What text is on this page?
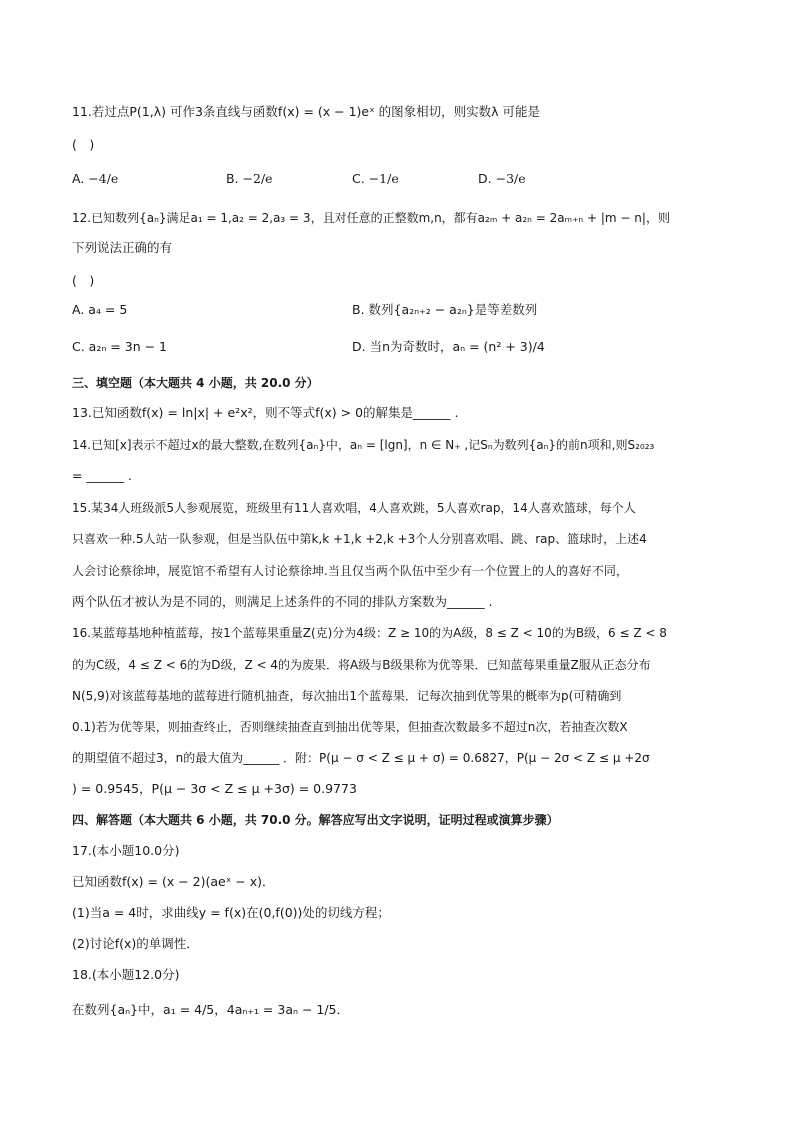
11.若过点P(1,λ) 可作3条直线与函数f(x) = (x − 1)eˣ 的图象相切，则实数λ 可能是
(　)
A. −4/e	B. −2/e	C. −1/e	D. −3/e
12.已知数列{aₙ}满足a₁ = 1,a₂ = 2,a₃ = 3，且对任意的正整数m,n，都有a₂ₘ + a₂ₙ = 2aₘ₊ₙ + |m − n|，则
下列说法正确的有
(　)
A. a₄ = 5	B. 数列{a₂ₙ₊₂ − a₂ₙ}是等差数列
C. a₂ₙ = 3n − 1	D. 当n为奇数时，aₙ = (n² + 3)/4
三、填空题（本大题共 4 小题，共 20.0 分）
13.已知函数f(x) = ln|x| + e²x²，则不等式f(x) > 0的解集是______ .
14.已知[x]表示不超过x的最大整数,在数列{aₙ}中，aₙ = [lgn]，n ∈ N₊ ,记Sₙ为数列{aₙ}的前n项和,则S₂₀₂₃
= ______ .
15.某34人班级派5人参观展览，班级里有11人喜欢唱，4人喜欢跳，5人喜欢rap，14人喜欢篮球，每个人
只喜欢一种.5人站一队参观，但是当队伍中第k,k +1,k +2,k +3个人分别喜欢唱、跳、rap、篮球时，上述4
人会讨论蔡徐坤，展览馆不希望有人讨论蔡徐坤.当且仅当两个队伍中至少有一个位置上的人的喜好不同，
两个队伍才被认为是不同的，则满足上述条件的不同的排队方案数为______ .
16.某蓝莓基地种植蓝莓，按1个蓝莓果重量Z(克)分为4级：Z ≥ 10的为A级，8 ≤ Z < 10的为B级，6 ≤ Z < 8
的为C级，4 ≤ Z < 6的为D级，Z < 4的为废果．将A级与B级果称为优等果．已知蓝莓果重量Z服从正态分布
N(5,9)对该蓝莓基地的蓝莓进行随机抽查，每次抽出1个蓝莓果．记每次抽到优等果的概率为p(可精确到
0.1)若为优等果，则抽查终止，否则继续抽查直到抽出优等果，但抽查次数最多不超过n次，若抽查次数X
的期望值不超过3，n的最大值为______ ．附：P(μ − σ < Z ≤ μ + σ) = 0.6827，P(μ − 2σ < Z ≤ μ +2σ
) = 0.9545，P(μ − 3σ < Z ≤ μ +3σ) = 0.9773
四、解答题（本大题共 6 小题，共 70.0 分。解答应写出文字说明，证明过程或演算步骤）
17.(本小题10.0分)
已知函数f(x) = (x − 2)(aeˣ − x)．
(1)当a = 4时，求曲线y = f(x)在(0,f(0))处的切线方程；
(2)讨论f(x)的单调性．
18.(本小题12.0分)
在数列{aₙ}中，a₁ = 4/5，4aₙ₊₁ = 3aₙ − 1/5．
